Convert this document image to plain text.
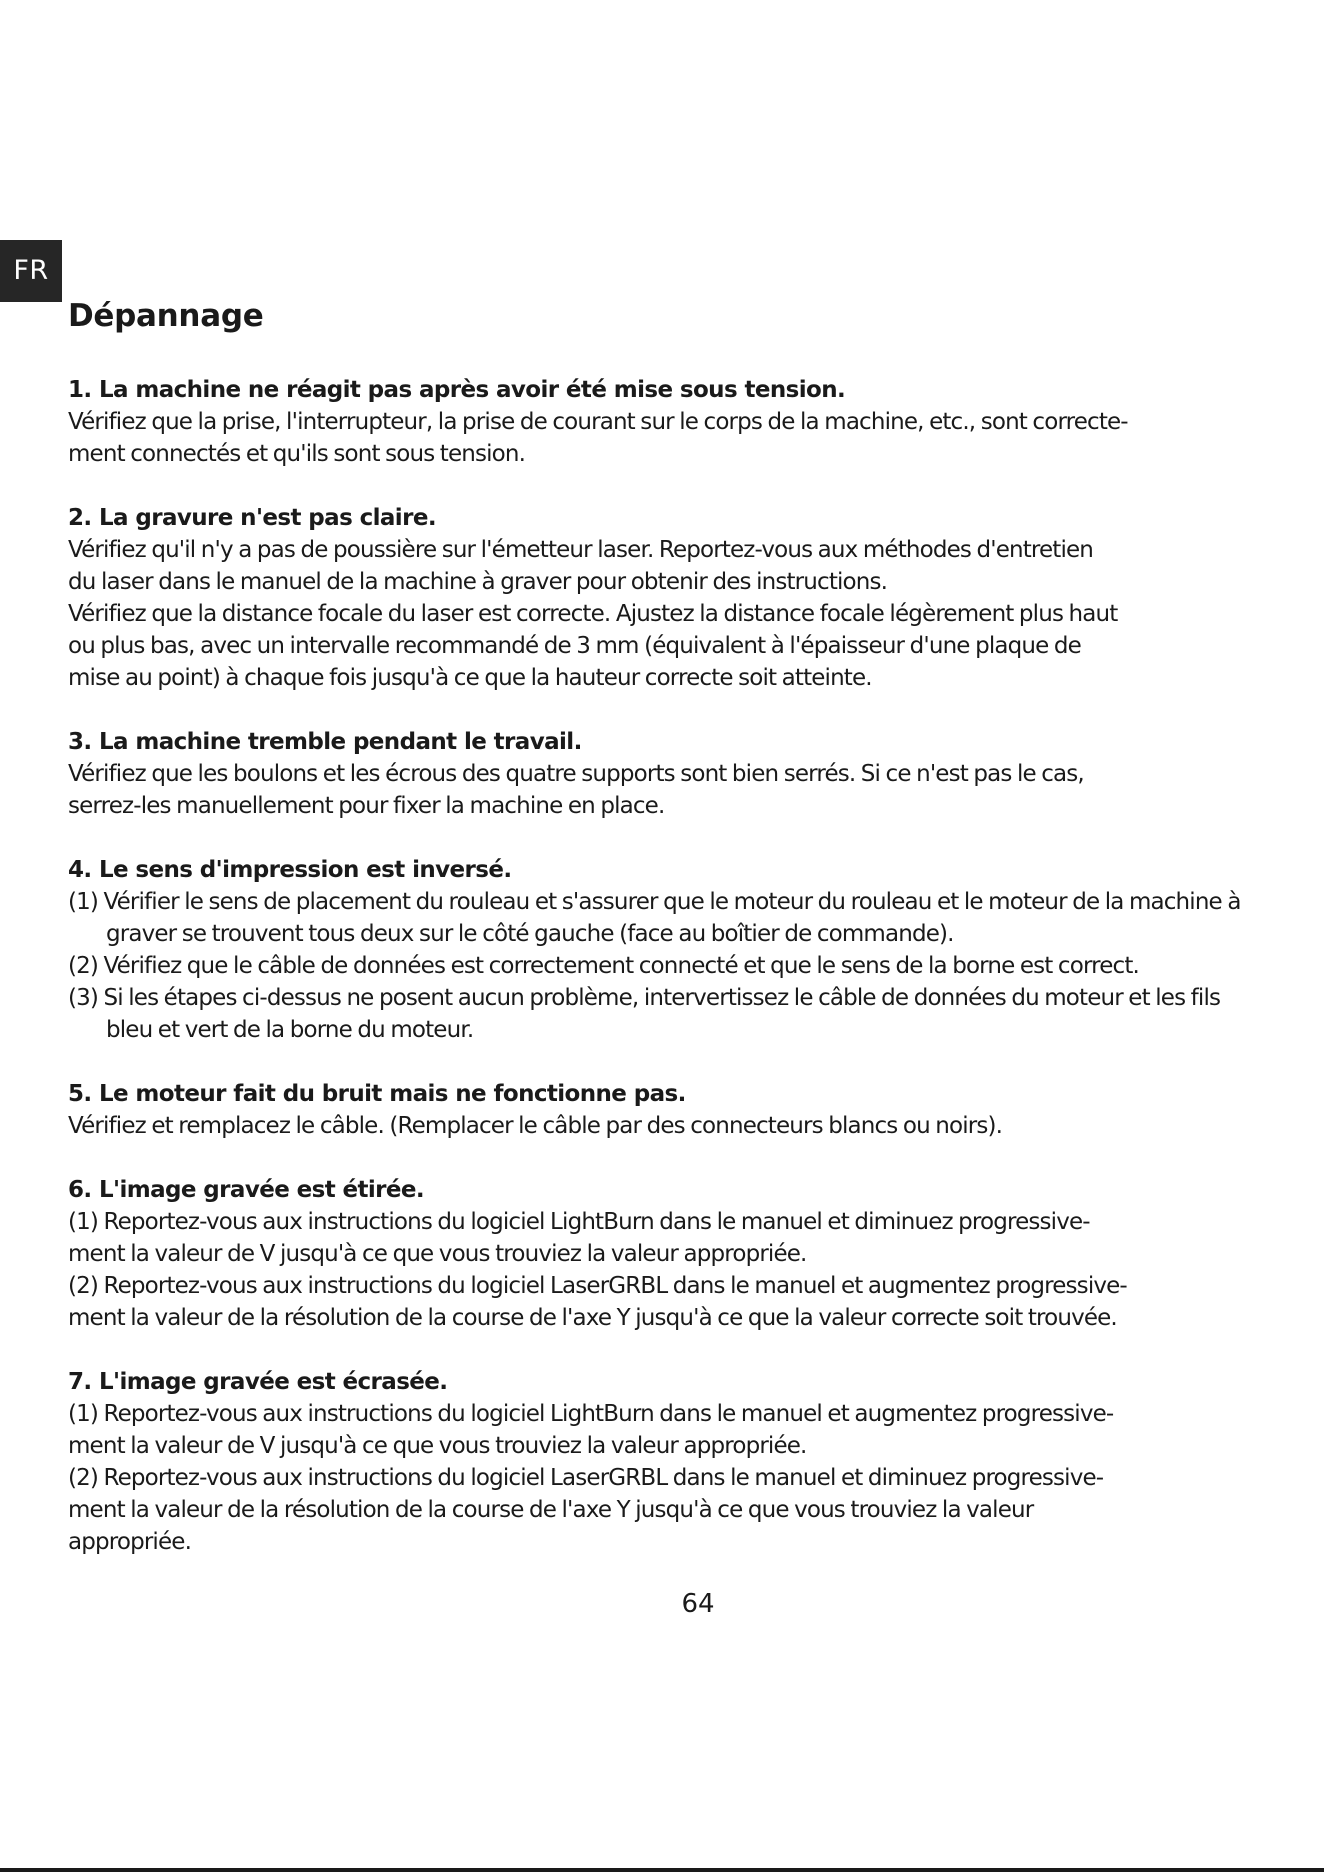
FR
Dépannage
1. La machine ne réagit pas après avoir été mise sous tension.
Vérifiez que la prise, l'interrupteur, la prise de courant sur le corps de la machine, etc., sont correcte-
ment connectés et qu'ils sont sous tension.
2. La gravure n'est pas claire.
Vérifiez qu'il n'y a pas de poussière sur l'émetteur laser. Reportez-vous aux méthodes d'entretien
du laser dans le manuel de la machine à graver pour obtenir des instructions.
Vérifiez que la distance focale du laser est correcte. Ajustez la distance focale légèrement plus haut
ou plus bas, avec un intervalle recommandé de 3 mm (équivalent à l'épaisseur d'une plaque de
mise au point) à chaque fois jusqu'à ce que la hauteur correcte soit atteinte.
3. La machine tremble pendant le travail.
Vérifiez que les boulons et les écrous des quatre supports sont bien serrés. Si ce n'est pas le cas,
serrez-les manuellement pour fixer la machine en place.
4. Le sens d'impression est inversé.
(1) Vérifier le sens de placement du rouleau et s'assurer que le moteur du rouleau et le moteur de la machine à graver se trouvent tous deux sur le côté gauche (face au boîtier de commande).
(2) Vérifiez que le câble de données est correctement connecté et que le sens de la borne est correct.
(3) Si les étapes ci-dessus ne posent aucun problème, intervertissez le câble de données du moteur et les fils bleu et vert de la borne du moteur.
5. Le moteur fait du bruit mais ne fonctionne pas.
Vérifiez et remplacez le câble. (Remplacer le câble par des connecteurs blancs ou noirs).
6. L'image gravée est étirée.
(1) Reportez-vous aux instructions du logiciel LightBurn dans le manuel et diminuez progressive-
ment la valeur de V jusqu'à ce que vous trouviez la valeur appropriée.
(2) Reportez-vous aux instructions du logiciel LaserGRBL dans le manuel et augmentez progressive-
ment la valeur de la résolution de la course de l'axe Y jusqu'à ce que la valeur correcte soit trouvée.
7. L'image gravée est écrasée.
(1) Reportez-vous aux instructions du logiciel LightBurn dans le manuel et augmentez progressive-
ment la valeur de V jusqu'à ce que vous trouviez la valeur appropriée.
(2) Reportez-vous aux instructions du logiciel LaserGRBL dans le manuel et diminuez progressive-
ment la valeur de la résolution de la course de l'axe Y jusqu'à ce que vous trouviez la valeur
appropriée.
64
